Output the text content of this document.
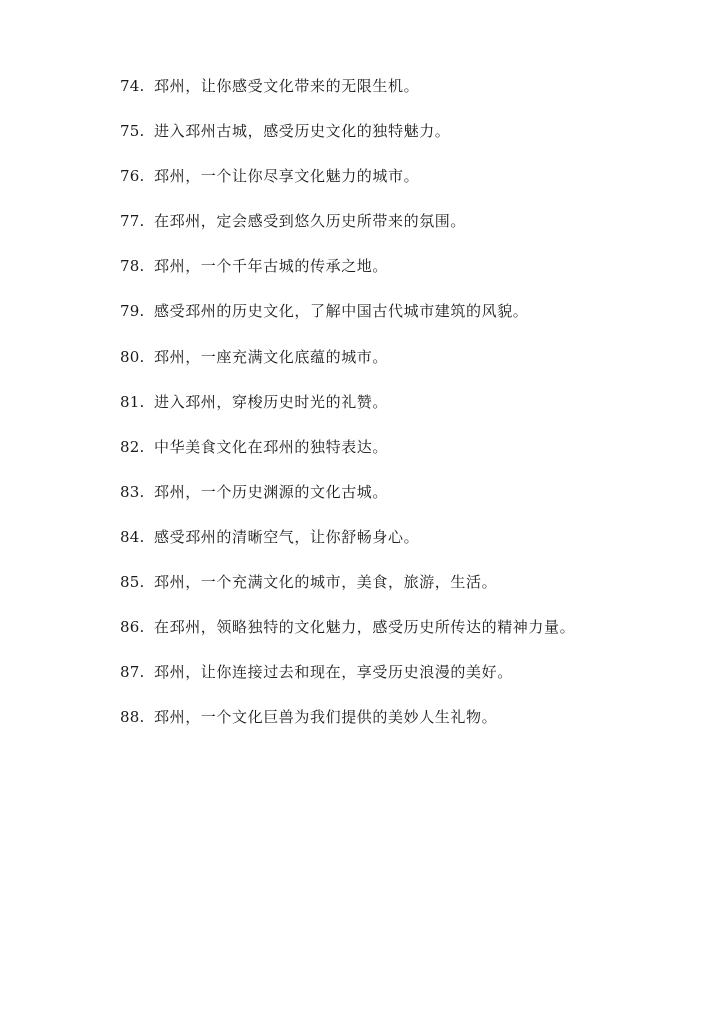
74. 邳州，让你感受文化带来的无限生机。
75. 进入邳州古城，感受历史文化的独特魅力。
76. 邳州，一个让你尽享文化魅力的城市。
77. 在邳州，定会感受到悠久历史所带来的氛围。
78. 邳州，一个千年古城的传承之地。
79. 感受邳州的历史文化，了解中国古代城市建筑的风貌。
80. 邳州，一座充满文化底蕴的城市。
81. 进入邳州，穿梭历史时光的礼赞。
82. 中华美食文化在邳州的独特表达。
83. 邳州，一个历史渊源的文化古城。
84. 感受邳州的清晰空气，让你舒畅身心。
85. 邳州，一个充满文化的城市，美食，旅游，生活。
86. 在邳州，领略独特的文化魅力，感受历史所传达的精神力量。
87. 邳州，让你连接过去和现在，享受历史浪漫的美好。
88. 邳州，一个文化巨兽为我们提供的美妙人生礼物。
